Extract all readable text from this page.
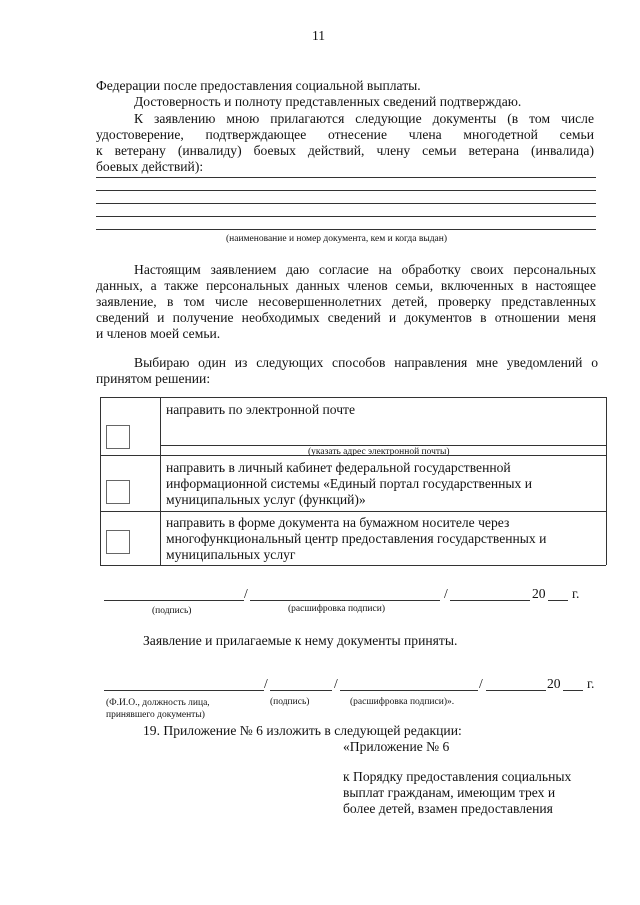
11
Федерации после предоставления социальной выплаты.
Достоверность и полноту представленных сведений подтверждаю.
К заявлению мною прилагаются следующие документы (в том числе
удостоверение, подтверждающее отнесение члена многодетной семьи
к ветерану (инвалиду) боевых действий, члену семьи ветерана (инвалида)
боевых действий):
(наименование и номер документа, кем и когда выдан)
Настоящим заявлением даю согласие на обработку своих персональных
данных, а также персональных данных членов семьи, включенных в настоящее
заявление, в том числе несовершеннолетних детей, проверку представленных
сведений и получение необходимых сведений и документов в отношении меня
и членов моей семьи.
Выбираю один из следующих способов направления мне уведомлений о
принятом решении:
направить по электронной почте
(указать адрес электронной почты)
направить в личный кабинет федеральной государственной
информационной системы «Единый портал государственных и
муниципальных услуг (функций)»
направить в форме документа на бумажном носителе через
многофункциональный центр предоставления государственных и
муниципальных услуг
/	/	20 г.
(подпись)	(расшифровка подписи)
Заявление и прилагаемые к нему документы приняты.
/	/	/	20 г.
(Ф.И.О., должность лица,
принявшего документы)
(подпись)	(расшифровка подписи)».
19. Приложение № 6 изложить в следующей редакции:
«Приложение № 6
к Порядку предоставления социальных
выплат гражданам, имеющим трех и
более детей, взамен предоставления
